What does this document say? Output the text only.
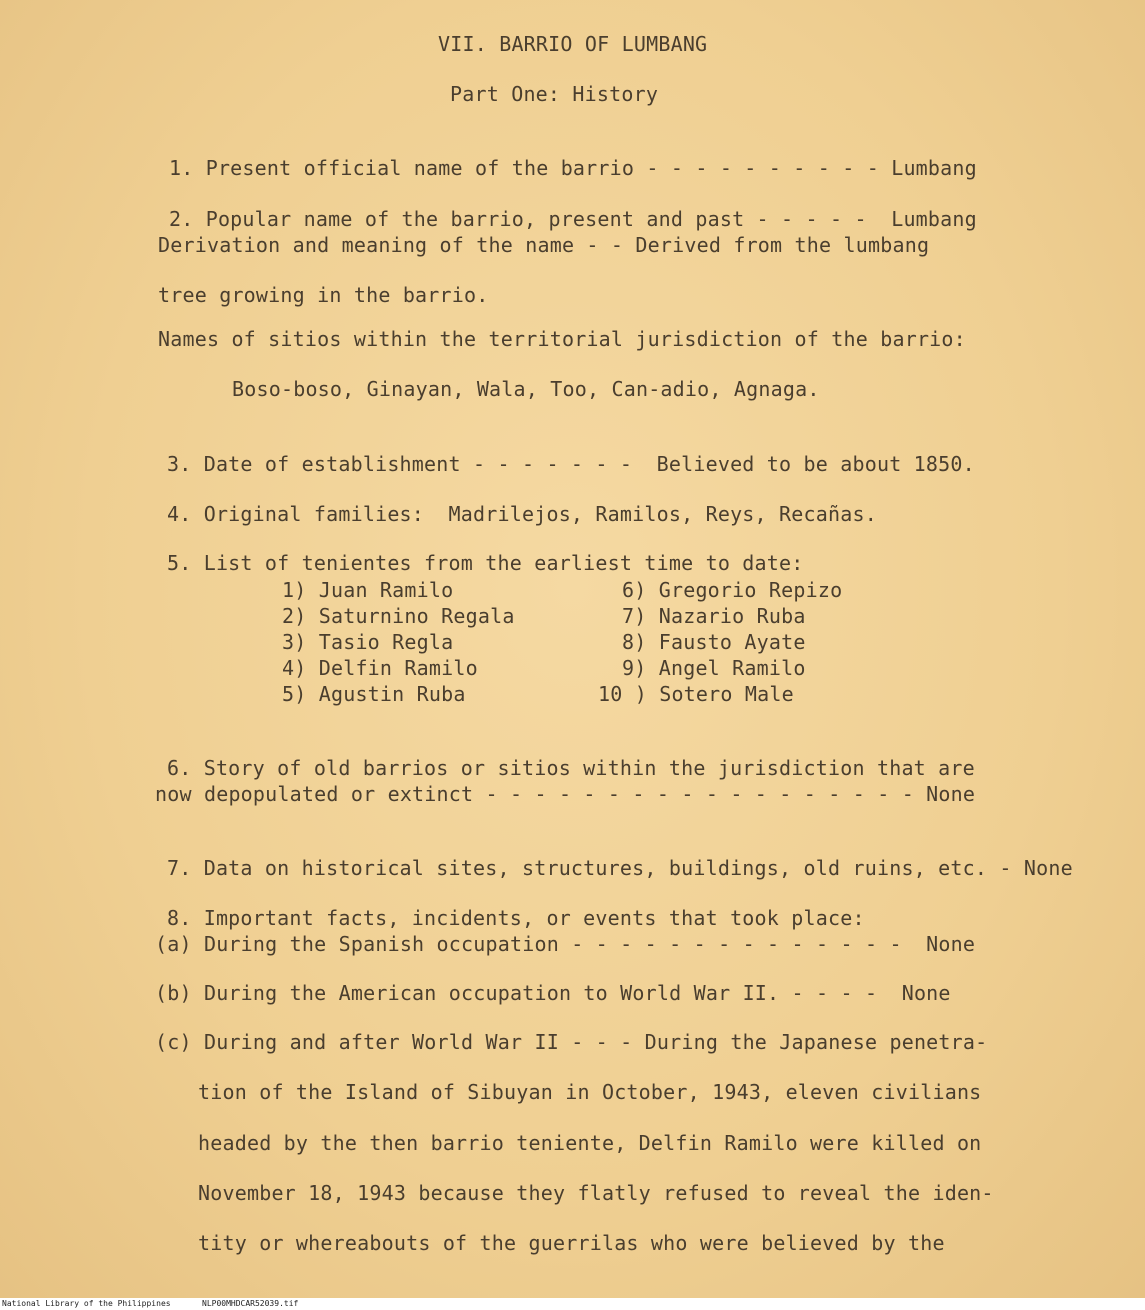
VII. BARRIO OF LUMBANG
Part One: History

1. Present official name of the barrio - - - - - - - - - - Lumbang

2. Popular name of the barrio, present and past - - - - -  Lumbang

Derivation and meaning of the name - - Derived from the lumbang
tree growing in the barrio.
Names of sitios within the territorial jurisdiction of the barrio:
Boso-boso, Ginayan, Wala, Too, Can-adio, Agnaga.

3. Date of establishment - - - - - - -  Believed to be about 1850.

4. Original families:  Madrilejos, Ramilos, Reys, Recañas.

5. List of tenientes from the earliest time to date:

1) Juan Ramilo
2) Saturnino Regala
3) Tasio Regla
4) Delfin Ramilo
5) Agustin Ruba
6) Gregorio Repizo
7) Nazario Ruba
8) Fausto Ayate
9) Angel Ramilo
10 ) Sotero Male

6. Story of old barrios or sitios within the jurisdiction that are

now depopulated or extinct - - - - - - - - - - - - - - - - - - None

7. Data on historical sites, structures, buildings, old ruins, etc. - None

8. Important facts, incidents, or events that took place:

(a) During the Spanish occupation - - - - - - - - - - - - - -  None
(b) During the American occupation to World War II. - - - -  None
(c) During and after World War II - - - During the Japanese penetra-
tion of the Island of Sibuyan in October, 1943, eleven civilians
headed by the then barrio teniente, Delfin Ramilo were killed on
November 18, 1943 because they flatly refused to reveal the iden-
tity or whereabouts of the guerrilas who were believed by the
National Library of the Philippines	NLP00MHDCAR52039.tif
